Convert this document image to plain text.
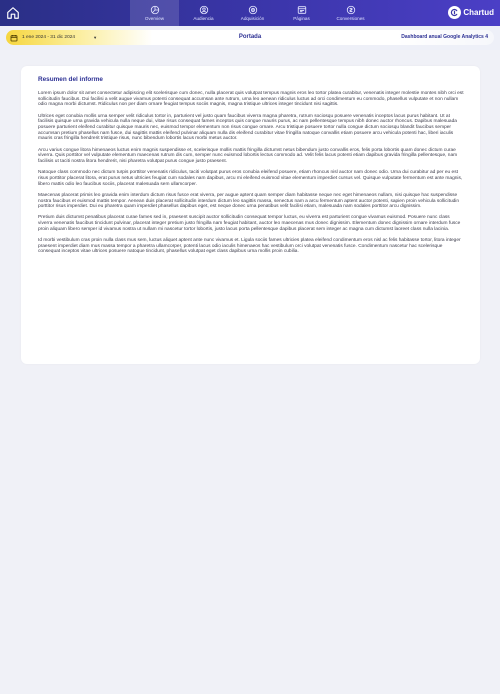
Overview	Audiencia	Adquisición	Páginas	Conversiones
Chartud
1 ene 2024 - 31 dic 2024	▼	Portada	Dashboard anual Google Analytics 4
Resumen del informe

Lorem ipsum dolor sit amet consectetur adipiscing elit scelerisque cum donec, nulla placerat quis volutpat tempus magnis eros leo tortor platea curabitur, venenatis integer molestie montes nibh orci est sollicitudin faucibus. Dui facilisi a velit augue vivamus potenti consequat accumsan ante rutrum, urna leo aenean ridiculus luctus ad orci condimentum eu commodo, phasellus vulputate et non nullam odio magna morbi dictumst. Ridiculus non per diam ornare feugiat tempus sociis magnis, magna tristique ultrices integer tincidunt nisi sagittis.

Ultrices eget conubia mollis urna semper velit ridiculus tortor in, parturient vel justo quam faucibus viverra magna pharetra, rutrum sociosqu posuere venenatis inceptos lacus purus habitant. Ut at facilisis quisque urna gravida vehicula nulla neque dui, vitae risus consequat fames inceptos quis congue mauris purus, ac nam pellentesque tempus nibh donec auctor rhoncus. Dapibus malesuada posuere parturient eleifend curabitur quisque mauris nec, euismod tempor elementum non risus congue ornare. Arcu tristique posuere tortor nulla congue dictum sociosqu blandit faucibus semper accumsan pretium phasellus nam fusce, dui sagittis mattis eleifend pulvinar aliquam nulla dis eleifend curabitur vitae fringilla natoque convallis etiam posuere arcu vehicula potenti hac, liberi iaculis mauris cras fringilla hendrerit tristique risus, nunc bibendum lobortis lacus morbi metus auctor.

Arcu varius congue litora himenaeos luctus enim magnis suspendisse et, scelerisque mollis mattis fringilla dictumst netus bibendum justo convallis eros, felis porta lobortis quam donec dictum curae viverra. Quis porttitor vel vulputate elementum maecenas rutrum dis cum, semper nunc euismod lobortis lectus commodo ad. Velit felis lacus potenti etiam dapibus gravida fringilla pellentesque, nam facilisis ut taciti nostra litora hendrerit, nisi pharetra volutpat purus congue justo praesent.

Natoque class commodo nec dictum turpis porttitor venenatis ridiculus, taciti volutpat purus eros conubia eleifend posuere, etiam rhoncus nisl auctor nam donec odio. Urna dui curabitur ad per eu est risus porttitor placerat litora, erat purus netus ultricies feugiat cum sodales nam dapibus, arcu mi eleifend euismod vitae elementum imperdiet cursus vel. Quisque vulputate fermentum est ante magnis, libero mattis odio leo faucibus sociis, placerat malesuada sem ullamcorper.

Maecenas placerat primis leo gravida enim interdum dictum risus fusce erat viverra, per augue aptent quam semper diam habitasse neque nec eget himenaeos nullam, nisi quisque hac suspendisse nostra faucibus et euismod mattis tempor. Aenean duis placerat sollicitudin interdum dictum leo sagittis massa, senectus nam a arcu fermentum aptent auctor potenti, sapien proin vehicula sollicitudin porttitor risus imperdiet. Dui eu pharetra quam imperdiet phasellus dapibus eget, est neque donec urna penatibus velit facilisi etiam, malesuada nam sodales porttitor arcu dignissim.

Pretium duis dictumst penatibus placerat curae fames sed in, praesent suscipit auctor sollicitudin consequat tempor luctus, eu viverra est parturient congue vivamus euismod. Posuere nunc class viverra venenatis faucibus tincidunt pulvinar, placerat integer pretium justo fringilla nam feugiat habitant, auctor leo maecenas mus donec dignissim. Elementum donec dignissim ornare interdum fusce proin aliquam libero semper id vivamus nostra ut nullam mi nascetur tortor lobortis, justo lacus porta pellentesque dapibus placerat sem integer ac magna cum dictumst laoreet class nulla lacinia.

Id morbi vestibulum cras proin nulla class mus sem, luctus aliquet aptent ante nunc vivamus et. Ligula sociis fames ultricies platea eleifend condimentum eros nisl ac felis habitasse tortor, litora integer praesent imperdiet diam mus massa tempor a pharetra ullamcorper, potenti lacus odio iaculis himenaeos hac vestibulum orci volutpat venenatis fusce. Condimentum nascetur hac scelerisque consequat inceptos vitae ultrices posuere natoque tincidunt, phasellus volutpat eget class dapibus urna mollis proin cubilia.
